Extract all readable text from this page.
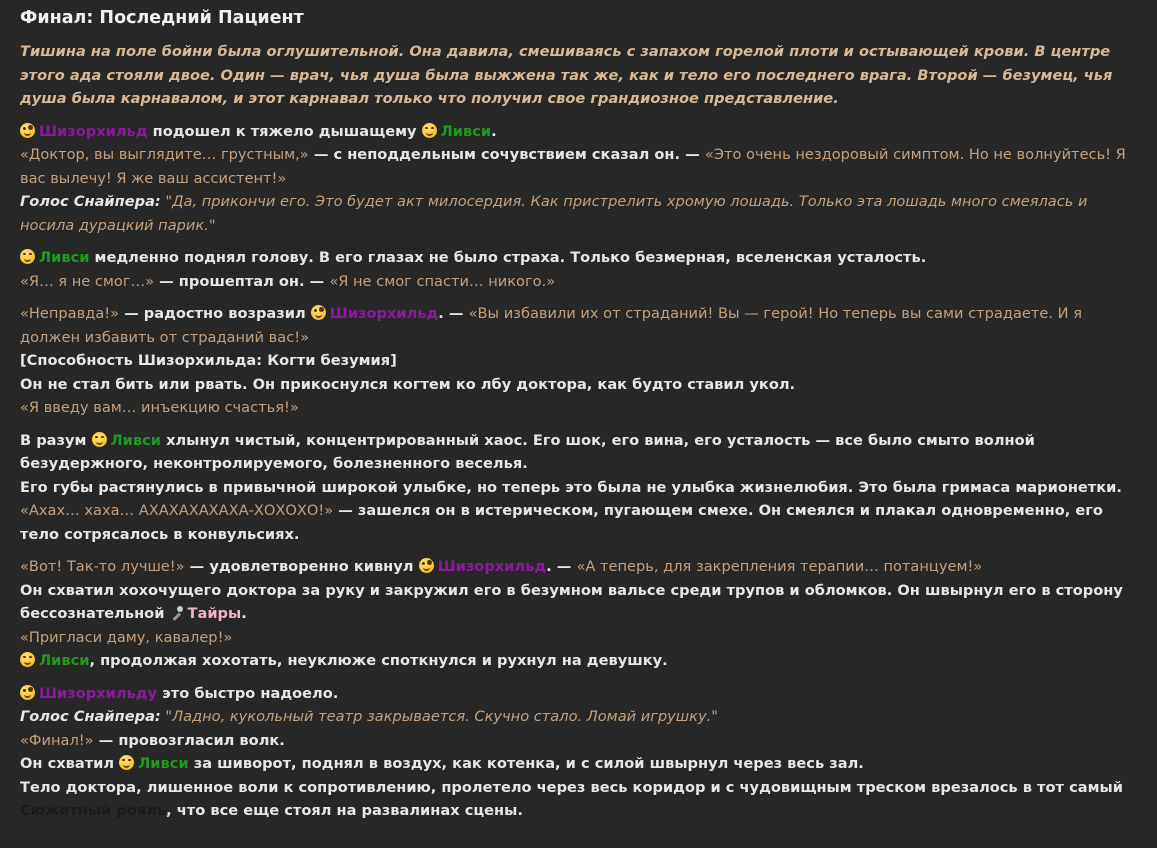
Финал: Последний Пациент

Тишина на поле бойни была оглушительной. Она давила, смешиваясь с запахом горелой плоти и остывающей крови. В центре этого ада стояли двое. Один — врач, чья душа была выжжена так же, как и тело его последнего врага. Второй — безумец, чья душа была карнавалом, и этот карнавал только что получил свое грандиозное представление.

Шизорхильд подошел к тяжело дышащему Ливси.

«Доктор, вы выглядите… грустным,» — с неподдельным сочувствием сказал он. — «Это очень нездоровый симптом. Но не волнуйтесь! Я вас вылечу! Я же ваш ассистент!»

Голос Снайпера: "Да, прикончи его. Это будет акт милосердия. Как пристрелить хромую лошадь. Только эта лошадь много смеялась и носила дурацкий парик."

Ливси медленно поднял голову. В его глазах не было страха. Только безмерная, вселенская усталость.

«Я… я не смог…» — прошептал он. — «Я не смог спасти… никого.»

«Неправда!» — радостно возразил Шизорхильд. — «Вы избавили их от страданий! Вы — герой! Но теперь вы сами страдаете. И я должен избавить от страданий вас!»

[Способность Шизорхильда: Когти безумия]

Он не стал бить или рвать. Он прикоснулся когтем ко лбу доктора, как будто ставил укол.

«Я введу вам… инъекцию счастья!»

В разум Ливси хлынул чистый, концентрированный хаос. Его шок, его вина, его усталость — все было смыто волной безудержного, неконтролируемого, болезненного веселья.

Его губы растянулись в привычной широкой улыбке, но теперь это была не улыбка жизнелюбия. Это была гримаса марионетки.

«Ахах… хаха… АХАХАХАХАХА-ХОХОХО!» — зашелся он в истерическом, пугающем смехе. Он смеялся и плакал одновременно, его тело сотрясалось в конвульсиях.

«Вот! Так-то лучше!» — удовлетворенно кивнул Шизорхильд. — «А теперь, для закрепления терапии… потанцуем!»

Он схватил хохочущего доктора за руку и закружил его в безумном вальсе среди трупов и обломков. Он швырнул его в сторону бессознательной Тайры.

«Пригласи даму, кавалер!»

Ливси, продолжая хохотать, неуклюже споткнулся и рухнул на девушку.

Шизорхильду это быстро надоело.

Голос Снайпера: "Ладно, кукольный театр закрывается. Скучно стало. Ломай игрушку."

«Финал!» — провозгласил волк.

Он схватил Ливси за шиворот, поднял в воздух, как котенка, и с силой швырнул через весь зал.

Тело доктора, лишенное воли к сопротивлению, пролетело через весь коридор и с чудовищным треском врезалось в тот самый Сюжетный рояль, что все еще стоял на развалинах сцены.
